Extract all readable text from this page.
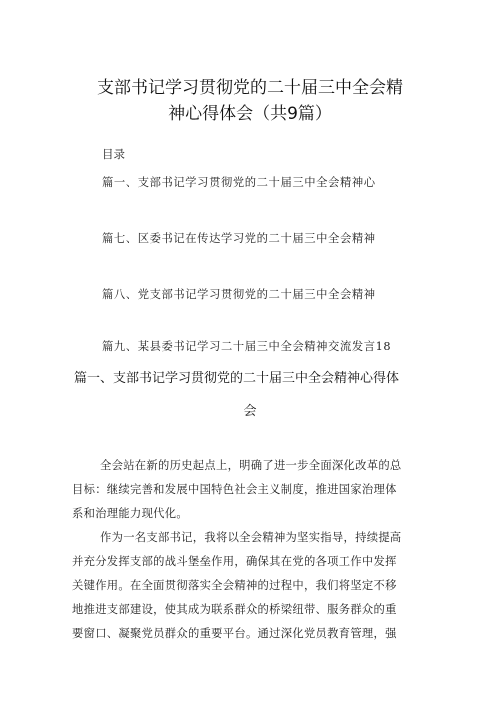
支部书记学习贯彻党的二十届三中全会精
神心得体会（共9篇）
目录
篇一、支部书记学习贯彻党的二十届三中全会精神心
篇七、区委书记在传达学习党的二十届三中全会精神
篇八、党支部书记学习贯彻党的二十届三中全会精神
篇九、某县委书记学习二十届三中全会精神交流发言18
篇一、支部书记学习贯彻党的二十届三中全会精神心得体
会
全会站在新的历史起点上，明确了进一步全面深化改革的总
目标：继续完善和发展中国特色社会主义制度，推进国家治理体
系和治理能力现代化。
作为一名支部书记，我将以全会精神为坚实指导，持续提高
并充分发挥支部的战斗堡垒作用，确保其在党的各项工作中发挥
关键作用。在全面贯彻落实全会精神的过程中，我们将坚定不移
地推进支部建设，使其成为联系群众的桥梁纽带、服务群众的重
要窗口、凝聚党员群众的重要平台。通过深化党员教育管理，强
